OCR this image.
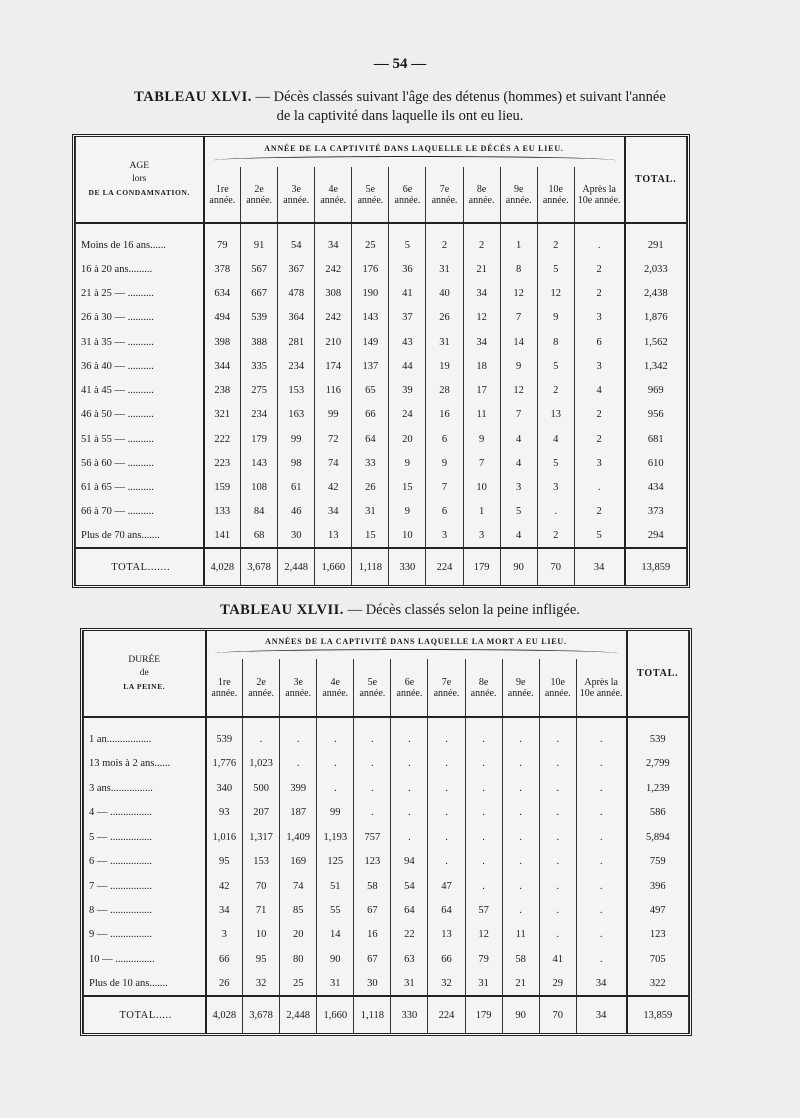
— 54 —
TABLEAU XLVI. — Décès classés suivant l'âge des détenus (hommes) et suivant l'année
de la captivité dans laquelle ils ont eu lieu.
AGE
lors
DE LA CONDAMNATION.	ANNÉE DE LA CAPTIVITÉ DANS LAQUELLE LE DÉCÈS A EU LIEU.											TOTAL.
	1re année.	2e année.	3e année.	4e année.	5e année.	6e année.	7e année.	8e année.	9e année.	10e année.	Après la 10e année.	

Moins de 16 ans......	79	91	54	34	25	5	2	2	1	2	.	291
16 à 20 ans.........	378	567	367	242	176	36	31	21	8	5	2	2,033
21 à 25 — ..........	634	667	478	308	190	41	40	34	12	12	2	2,438
26 à 30 — ..........	494	539	364	242	143	37	26	12	7	9	3	1,876
31 à 35 — ..........	398	388	281	210	149	43	31	34	14	8	6	1,562
36 à 40 — ..........	344	335	234	174	137	44	19	18	9	5	3	1,342
41 à 45 — ..........	238	275	153	116	65	39	28	17	12	2	4	969
46 à 50 — ..........	321	234	163	99	66	24	16	11	7	13	2	956
51 à 55 — ..........	222	179	99	72	64	20	6	9	4	4	2	681
56 à 60 — ..........	223	143	98	74	33	9	9	7	4	5	3	610
61 à 65 — ..........	159	108	61	42	26	15	7	10	3	3	.	434
66 à 70 — ..........	133	84	46	34	31	9	6	1	5	.	2	373
Plus de 70 ans.......	141	68	30	13	15	10	3	3	4	2	5	294
TOTAL.......	4,028	3,678	2,448	1,660	1,118	330	224	179	90	70	34	13,859
TABLEAU XLVII. — Décès classés selon la peine infligée.
DURÉE
de
LA PEINE.	ANNÉES DE LA CAPTIVITÉ DANS LAQUELLE LA MORT A EU LIEU.											TOTAL.
	1re année.	2e année.	3e année.	4e année.	5e année.	6e année.	7e année.	8e année.	9e année.	10e année.	Après la 10e année.	

1 an.................	539	.	.	.	.	.	.	.	.	.	.	539
13 mois à 2 ans......	1,776	1,023	.	.	.	.	.	.	.	.	.	2,799
3 ans................	340	500	399	.	.	.	.	.	.	.	.	1,239
4 — ................	93	207	187	99	.	.	.	.	.	.	.	586
5 — ................	1,016	1,317	1,409	1,193	757	.	.	.	.	.	.	5,894
6 — ................	95	153	169	125	123	94	.	.	.	.	.	759
7 — ................	42	70	74	51	58	54	47	.	.	.	.	396
8 — ................	34	71	85	55	67	64	64	57	.	.	.	497
9 — ................	3	10	20	14	16	22	13	12	11	.	.	123
10 — ...............	66	95	80	90	67	63	66	79	58	41	.	705
Plus de 10 ans.......	26	32	25	31	30	31	32	31	21	29	34	322
TOTAL.....	4,028	3,678	2,448	1,660	1,118	330	224	179	90	70	34	13,859
